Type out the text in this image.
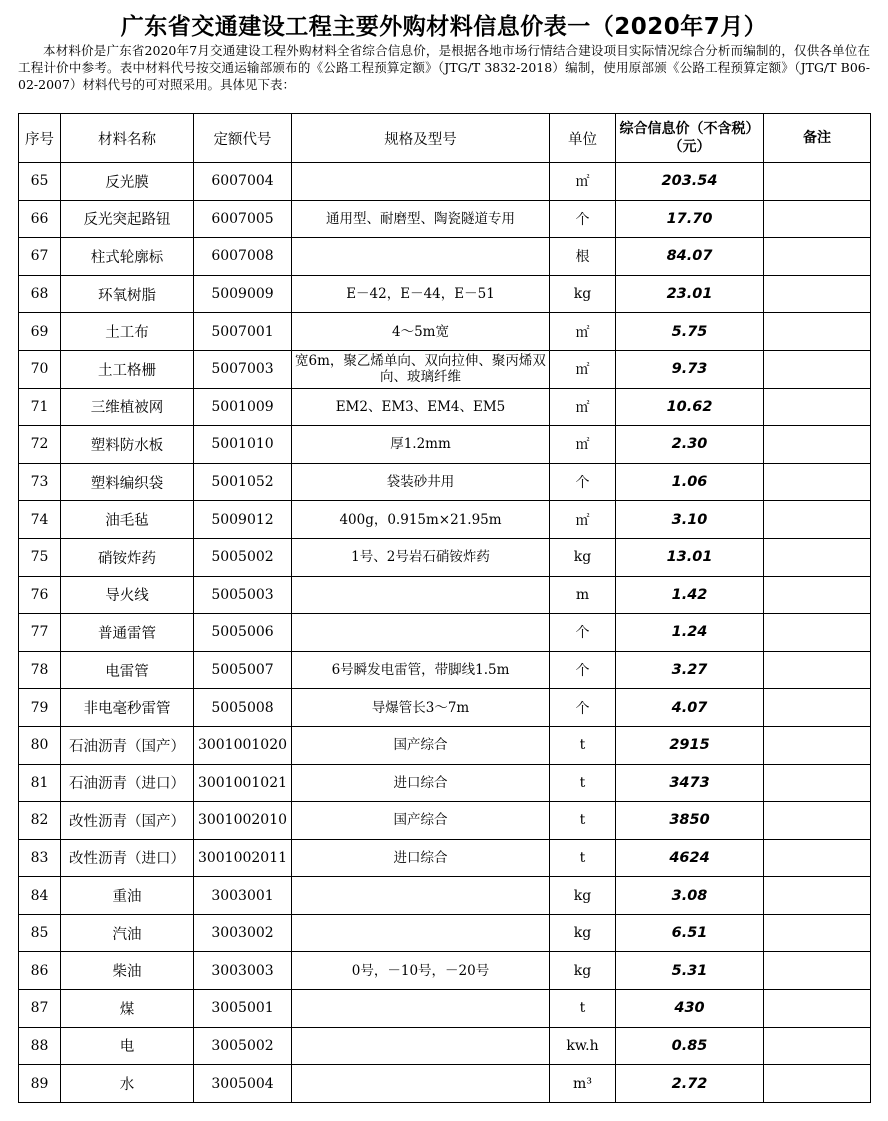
广东省交通建设工程主要外购材料信息价表一（2020年7月）
本材料价是广东省2020年7月交通建设工程外购材料全省综合信息价，是根据各地市场行情结合建设项目实际情况综合分析而编制的，仅供各单位在工程计价中参考。表中材料代号按交通运输部颁布的《公路工程预算定额》（JTG/T 3832-2018）编制，使用原部颁《公路工程预算定额》（JTG/T B06-02-2007）材料代号的可对照采用。具体见下表：
序号	材料名称	定额代号	规格及型号	单位	综合信息价（不含税）（元）	备注
65	反光膜	6007004		㎡	203.54	
66	反光突起路钮	6007005	通用型、耐磨型、陶瓷隧道专用	个	17.70	
67	柱式轮廓标	6007008		根	84.07	
68	环氧树脂	5009009	E－42，E－44，E－51	kg	23.01	
69	土工布	5007001	4～5m宽	㎡	5.75	
70	土工格栅	5007003	宽6m，聚乙烯单向、双向拉伸、聚丙烯双向、玻璃纤维	㎡	9.73	
71	三维植被网	5001009	EM2、EM3、EM4、EM5	㎡	10.62	
72	塑料防水板	5001010	厚1.2mm	㎡	2.30	
73	塑料编织袋	5001052	袋装砂井用	个	1.06	
74	油毛毡	5009012	400g，0.915m×21.95m	㎡	3.10	
75	硝铵炸药	5005002	1号、2号岩石硝铵炸药	kg	13.01	
76	导火线	5005003		m	1.42	
77	普通雷管	5005006		个	1.24	
78	电雷管	5005007	6号瞬发电雷管，带脚线1.5m	个	3.27	
79	非电毫秒雷管	5005008	导爆管长3～7m	个	4.07	
80	石油沥青（国产）	3001001020	国产综合	t	2915	
81	石油沥青（进口）	3001001021	进口综合	t	3473	
82	改性沥青（国产）	3001002010	国产综合	t	3850	
83	改性沥青（进口）	3001002011	进口综合	t	4624	
84	重油	3003001		kg	3.08	
85	汽油	3003002		kg	6.51	
86	柴油	3003003	0号，－10号，－20号	kg	5.31	
87	煤	3005001		t	430	
88	电	3005002		kw.h	0.85	
89	水	3005004		m³	2.72	
